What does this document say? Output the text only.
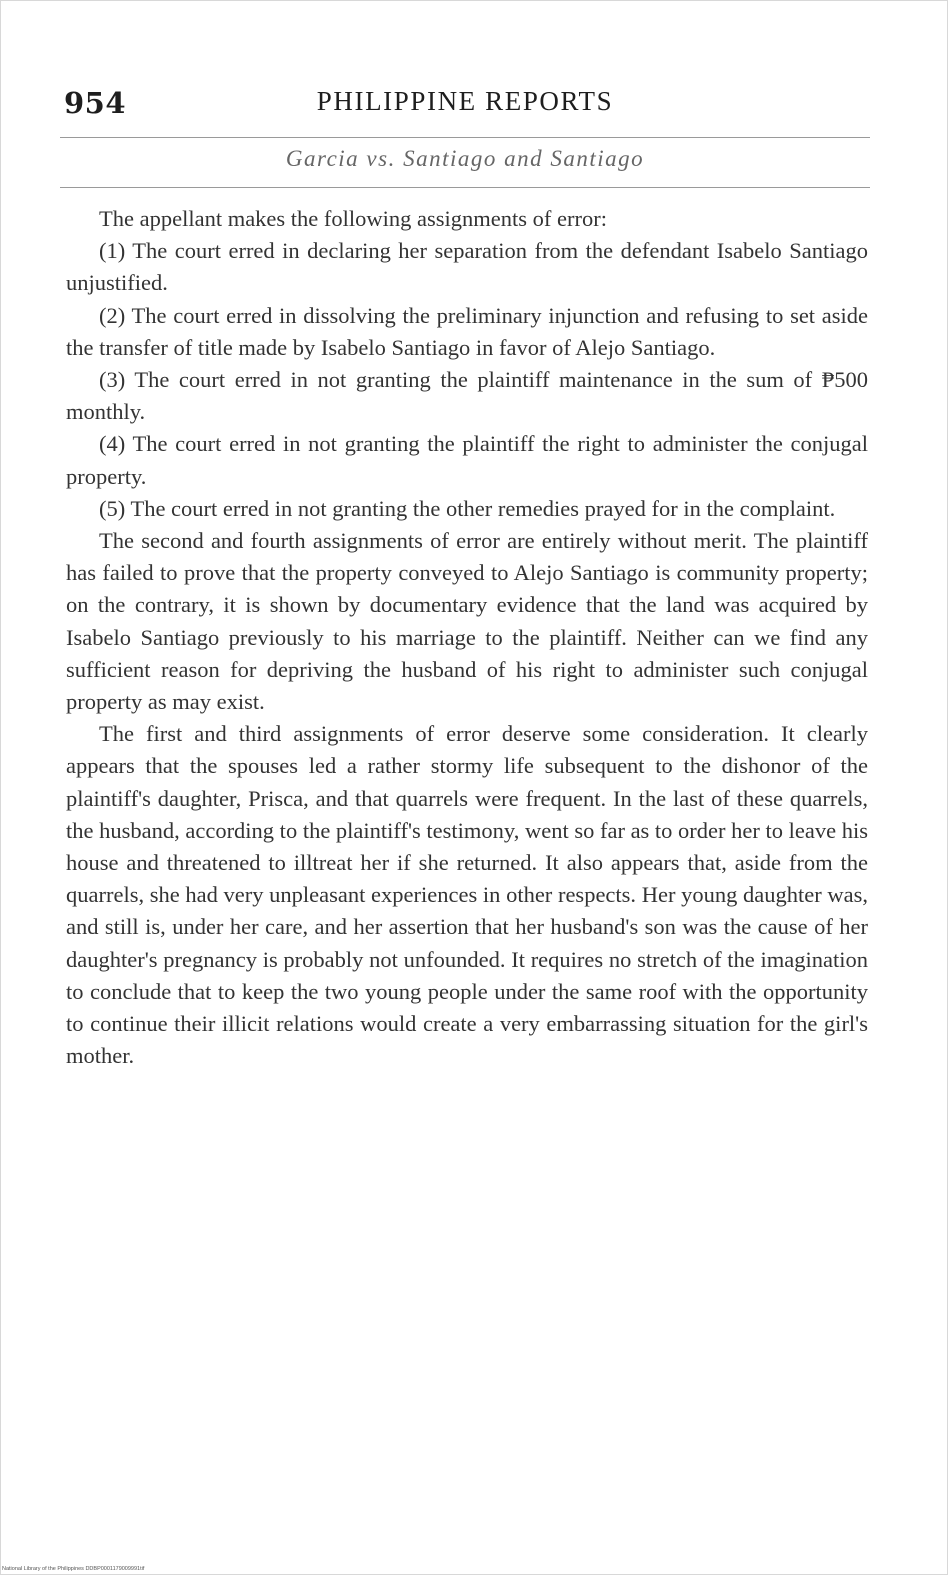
954	PHILIPPINE REPORTS
Garcia vs. Santiago and Santiago

The appellant makes the following assignments of error:

(1) The court erred in declaring her separation from the defendant Isabelo Santiago unjustified.

(2) The court erred in dissolving the preliminary injunction and refusing to set aside the transfer of title made by Isabelo Santiago in favor of Alejo Santiago.

(3) The court erred in not granting the plaintiff maintenance in the sum of ₱500 monthly.

(4) The court erred in not granting the plaintiff the right to administer the conjugal property.

(5) The court erred in not granting the other remedies prayed for in the complaint.

The second and fourth assignments of error are entirely without merit. The plaintiff has failed to prove that the property conveyed to Alejo Santiago is community property; on the contrary, it is shown by documentary evidence that the land was acquired by Isabelo Santiago previously to his marriage to the plaintiff. Neither can we find any sufficient reason for depriving the husband of his right to administer such conjugal property as may exist.

The first and third assignments of error deserve some consideration. It clearly appears that the spouses led a rather stormy life subsequent to the dishonor of the plaintiff's daughter, Prisca, and that quarrels were frequent. In the last of these quarrels, the husband, according to the plaintiff's testimony, went so far as to order her to leave his house and threatened to illtreat her if she returned. It also appears that, aside from the quarrels, she had very unpleasant experiences in other respects. Her young daughter was, and still is, under her care, and her assertion that her husband's son was the cause of her daughter's pregnancy is probably not unfounded. It requires no stretch of the imagination to conclude that to keep the two young people under the same roof with the opportunity to continue their illicit relations would create a very embarrassing situation for the girl's mother.

National Library of the Philippines DDBP0001179009991tif
